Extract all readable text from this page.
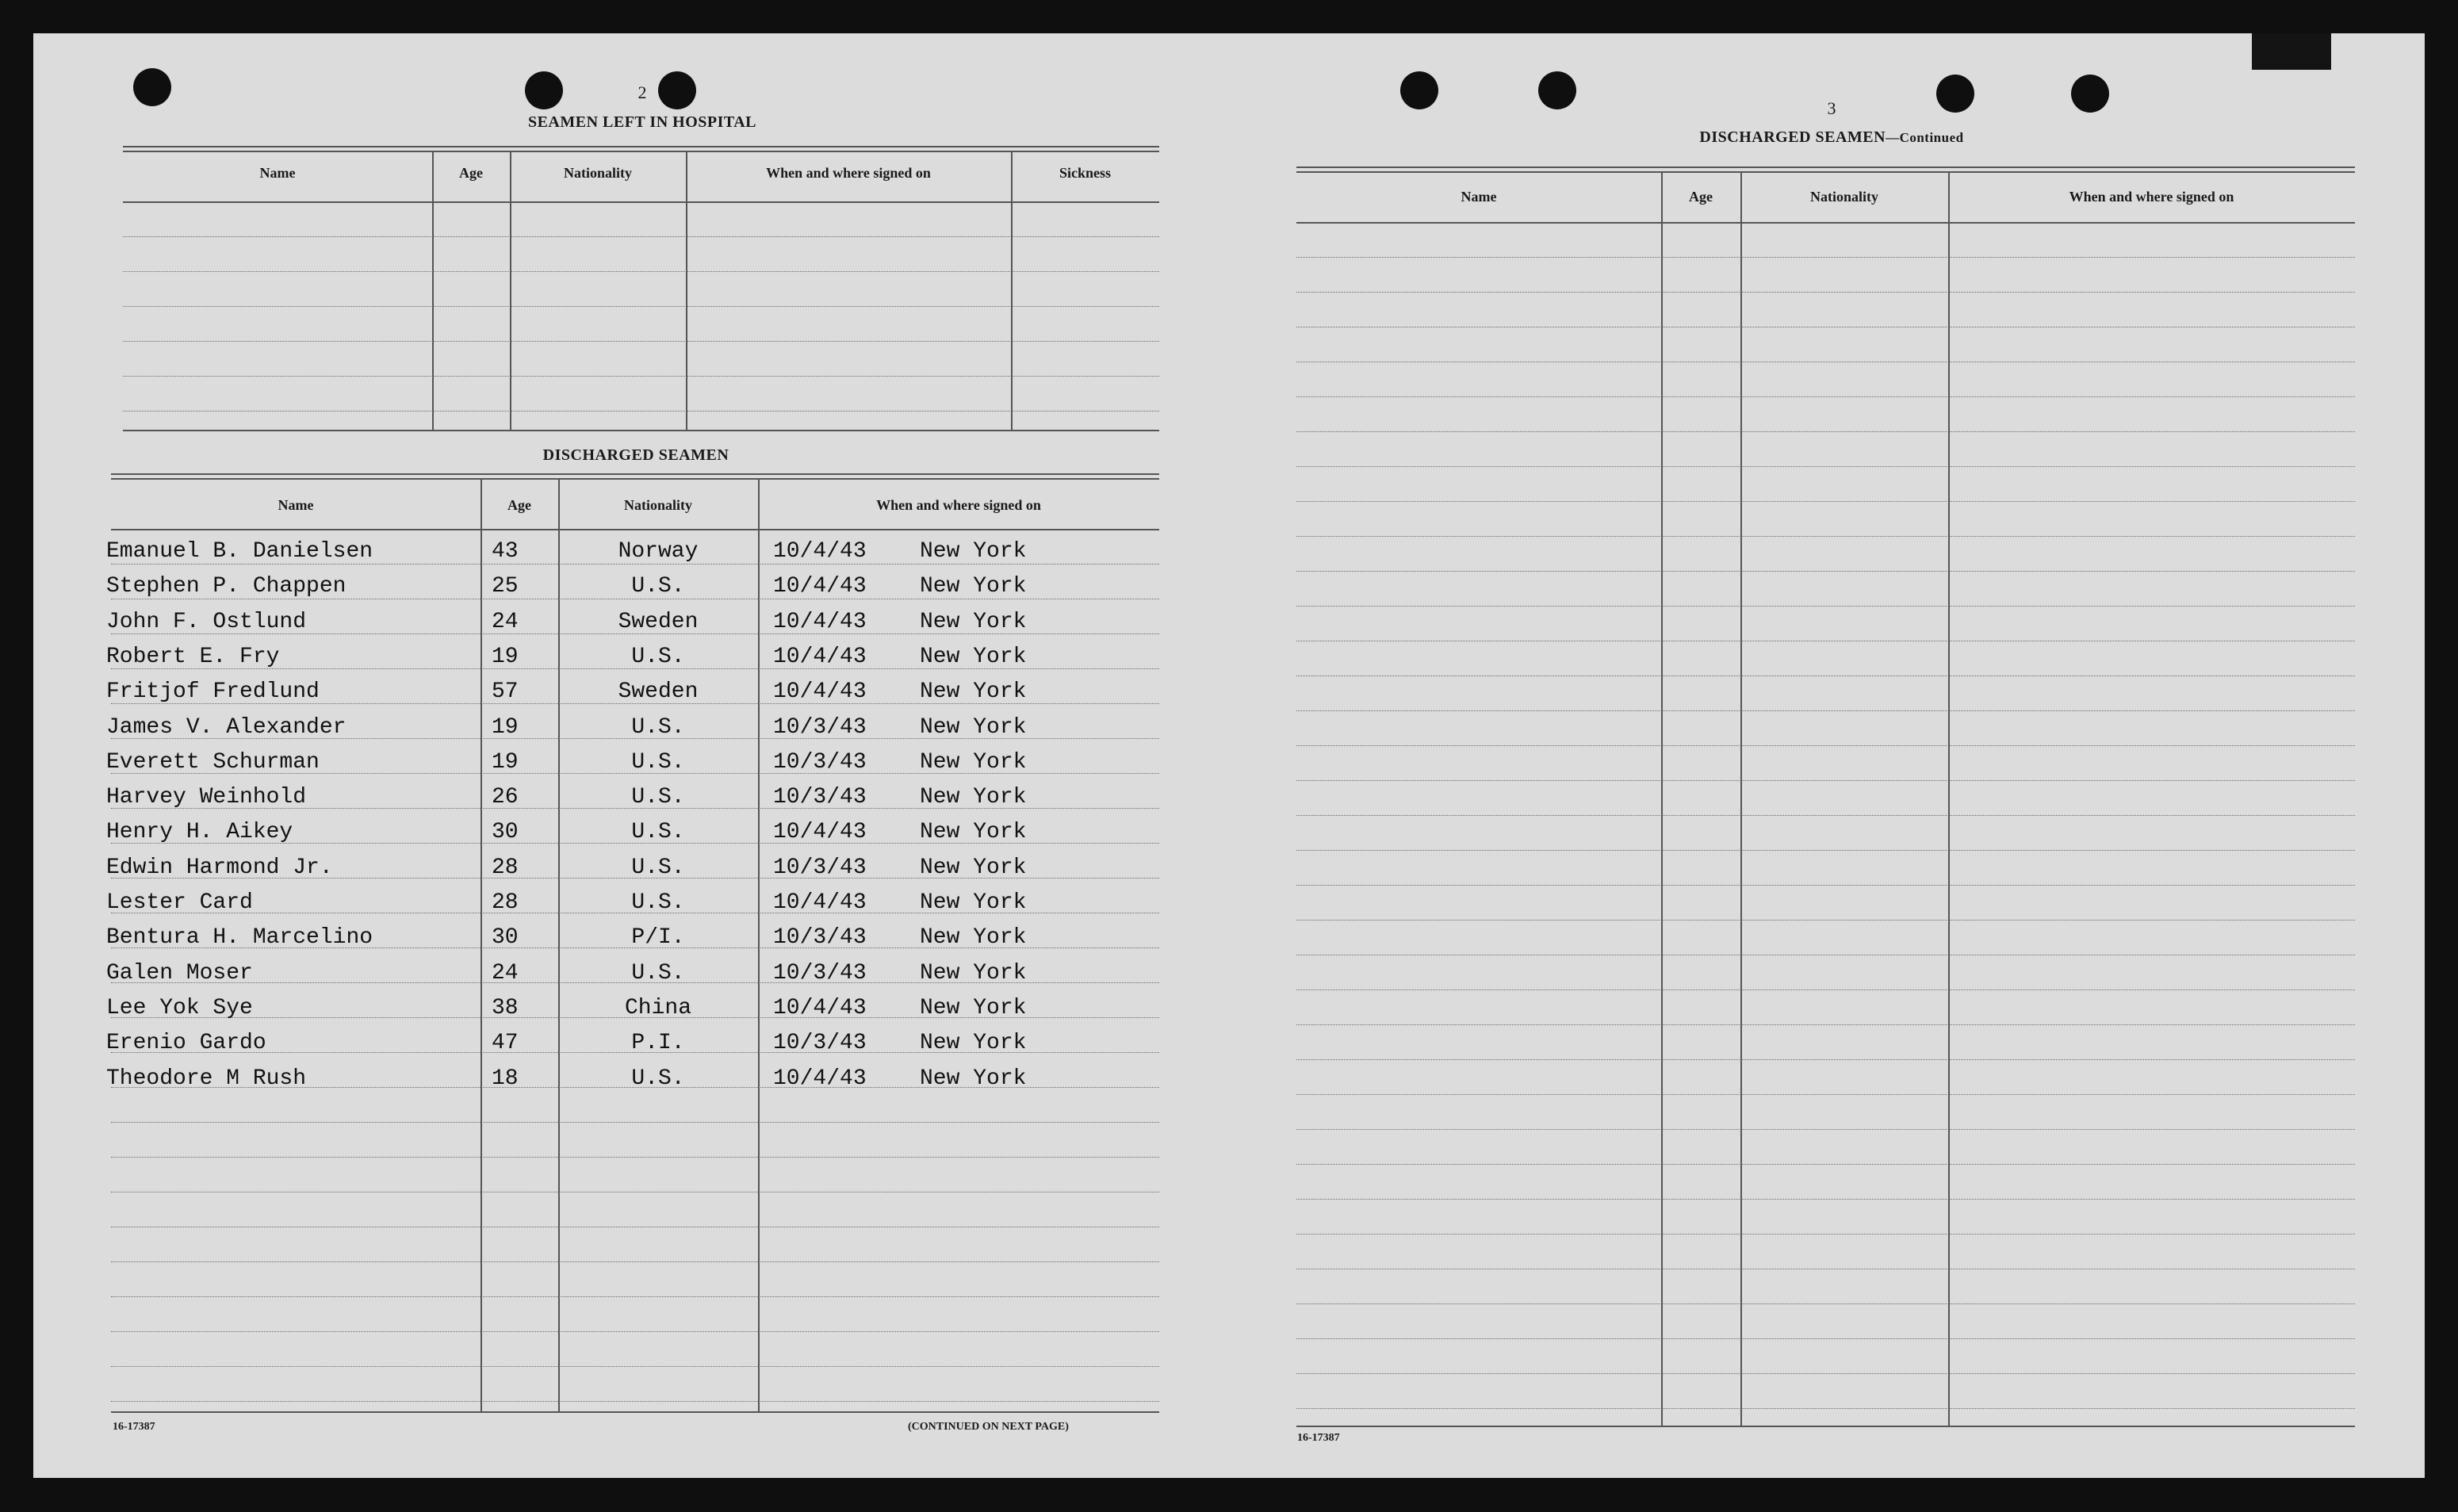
2
SEAMEN LEFT IN HOSPITAL
Name	Age	Nationality	When and where signed on	Sickness
DISCHARGED SEAMEN
Name	Age	Nationality	When and where signed on
Emanuel B. Danielsen	43	Norway	10/4/43 New York
Stephen P. Chappen	25	U.S.	10/4/43 New York
John F. Ostlund	24	Sweden	10/4/43 New York
Robert E. Fry	19	U.S.	10/4/43 New York
Fritjof Fredlund	57	Sweden	10/4/43 New York
James V. Alexander	19	U.S.	10/3/43 New York
Everett Schurman	19	U.S.	10/3/43 New York
Harvey Weinhold	26	U.S.	10/3/43 New York
Henry H. Aikey	30	U.S.	10/4/43 New York
Edwin Harmond Jr.	28	U.S.	10/3/43 New York
Lester Card	28	U.S.	10/4/43 New York
Bentura H. Marcelino	30	P/I.	10/3/43 New York
Galen Moser	24	U.S.	10/3/43 New York
Lee Yok Sye	38	China	10/4/43 New York
Erenio Gardo	47	P.I.	10/3/43 New York
Theodore M Rush	18	U.S.	10/4/43 New York
16-17387	(CONTINUED ON NEXT PAGE)
3
DISCHARGED SEAMEN—Continued
Name	Age	Nationality	When and where signed on
16-17387
